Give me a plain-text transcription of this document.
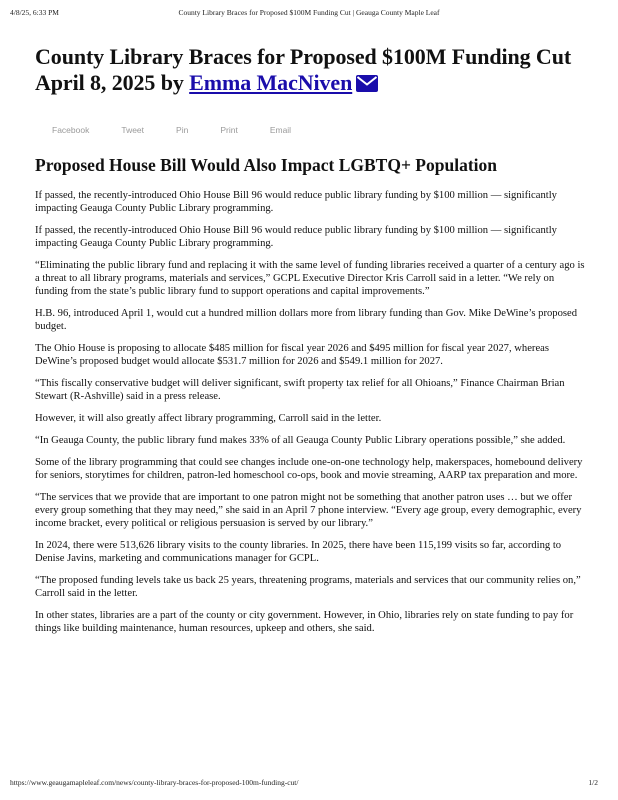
4/8/25, 6:33 PM	County Library Braces for Proposed $100M Funding Cut | Geauga County Maple Leaf
County Library Braces for Proposed $100M Funding Cut
April 8, 2025 by Emma MacNiven
Facebook	Tweet	Pin	Print	Email
Proposed House Bill Would Also Impact LGBTQ+ Population

If passed, the recently-introduced Ohio House Bill 96 would reduce public library funding by $100 million — significantly impacting Geauga County Public Library programming.

If passed, the recently-introduced Ohio House Bill 96 would reduce public library funding by $100 million — significantly impacting Geauga County Public Library programming.

“Eliminating the public library fund and replacing it with the same level of funding libraries received a quarter of a century ago is a threat to all library programs, materials and services,” GCPL Executive Director Kris Carroll said in a letter. “We rely on funding from the state’s public library fund to support operations and capital improvements.”

H.B. 96, introduced April 1, would cut a hundred million dollars more from library funding than Gov. Mike DeWine’s proposed budget.

The Ohio House is proposing to allocate $485 million for fiscal year 2026 and $495 million for fiscal year 2027, whereas DeWine’s proposed budget would allocate $531.7 million for 2026 and $549.1 million for 2027.

“This fiscally conservative budget will deliver significant, swift property tax relief for all Ohioans,” Finance Chairman Brian Stewart (R-Ashville) said in a press release.

However, it will also greatly affect library programming, Carroll said in the letter.

“In Geauga County, the public library fund makes 33% of all Geauga County Public Library operations possible,” she added.

Some of the library programming that could see changes include one-on-one technology help, makerspaces, homebound delivery for seniors, storytimes for children, patron-led homeschool co-ops, book and movie streaming, AARP tax preparation and more.

“The services that we provide that are important to one patron might not be something that another patron uses … but we offer every group something that they may need,” she said in an April 7 phone interview. “Every age group, every demographic, every income bracket, every political or religious persuasion is served by our library.”

In 2024, there were 513,626 library visits to the county libraries. In 2025, there have been 115,199 visits so far, according to Denise Javins, marketing and communications manager for GCPL.

“The proposed funding levels take us back 25 years, threatening programs, materials and services that our community relies on,” Carroll said in the letter.

In other states, libraries are a part of the county or city government. However, in Ohio, libraries rely on state funding to pay for things like building maintenance, human resources, upkeep and others, she said.

https://www.geaugamapleleaf.com/news/county-library-braces-for-proposed-100m-funding-cut/	1/2
